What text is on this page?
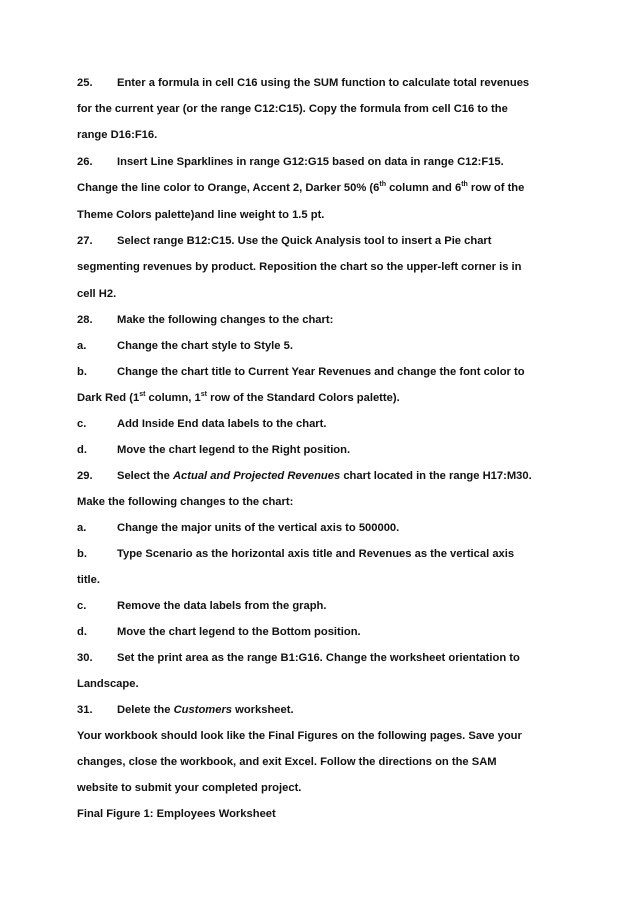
25. Enter a formula in cell C16 using the SUM function to calculate total revenues
for the current year (or the range C12:C15). Copy the formula from cell C16 to the
range D16:F16.
26. Insert Line Sparklines in range G12:G15 based on data in range C12:F15.
Change the line color to Orange, Accent 2, Darker 50% (6th column and 6th row of the
Theme Colors palette)and line weight to 1.5 pt.
27. Select range B12:C15. Use the Quick Analysis tool to insert a Pie chart
segmenting revenues by product. Reposition the chart so the upper-left corner is in
cell H2.
28. Make the following changes to the chart:
a.	Change the chart style to Style 5.
b.	Change the chart title to Current Year Revenues and change the font color to
Dark Red (1st column, 1st row of the Standard Colors palette).
c.	Add Inside End data labels to the chart.
d.	Move the chart legend to the Right position.
29. Select the Actual and Projected Revenues chart located in the range H17:M30.
Make the following changes to the chart:
a.	Change the major units of the vertical axis to 500000.
b.	Type Scenario as the horizontal axis title and Revenues as the vertical axis
title.
c.	Remove the data labels from the graph.
d.	Move the chart legend to the Bottom position.
30. Set the print area as the range B1:G16. Change the worksheet orientation to
Landscape.
31. Delete the Customers worksheet.
Your workbook should look like the Final Figures on the following pages. Save your
changes, close the workbook, and exit Excel. Follow the directions on the SAM
website to submit your completed project.
Final Figure 1: Employees Worksheet
